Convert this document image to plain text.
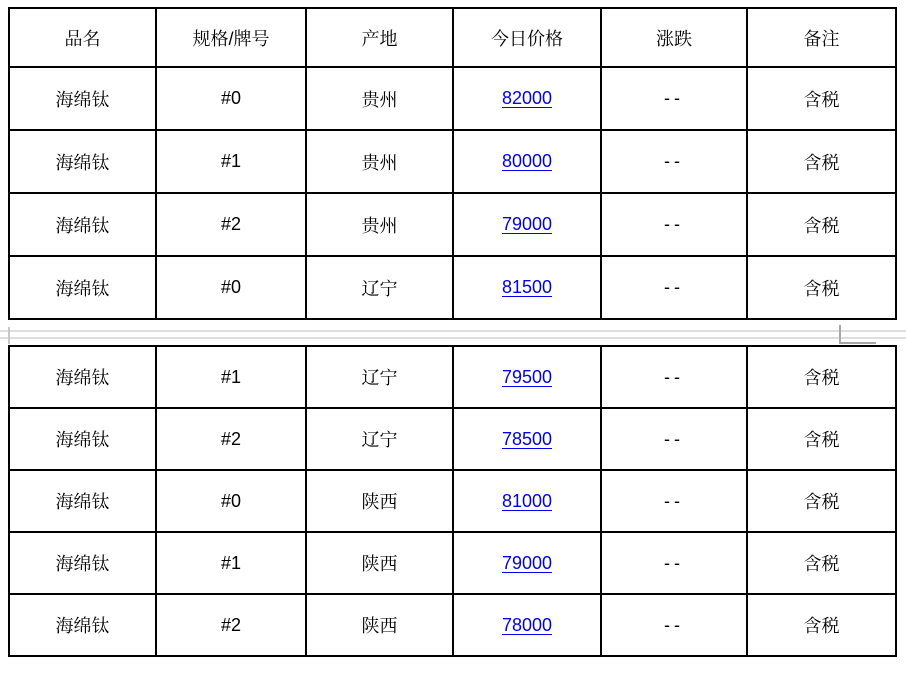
品名	规格/牌号	产地	今日价格	涨跌	备注
海绵钛	#0	贵州	82000	--	含税
海绵钛	#1	贵州	80000	--	含税
海绵钛	#2	贵州	79000	--	含税
海绵钛	#0	辽宁	81500	--	含税
海绵钛	#1	辽宁	79500	--	含税
海绵钛	#2	辽宁	78500	--	含税
海绵钛	#0	陕西	81000	--	含税
海绵钛	#1	陕西	79000	--	含税
海绵钛	#2	陕西	78000	--	含税
